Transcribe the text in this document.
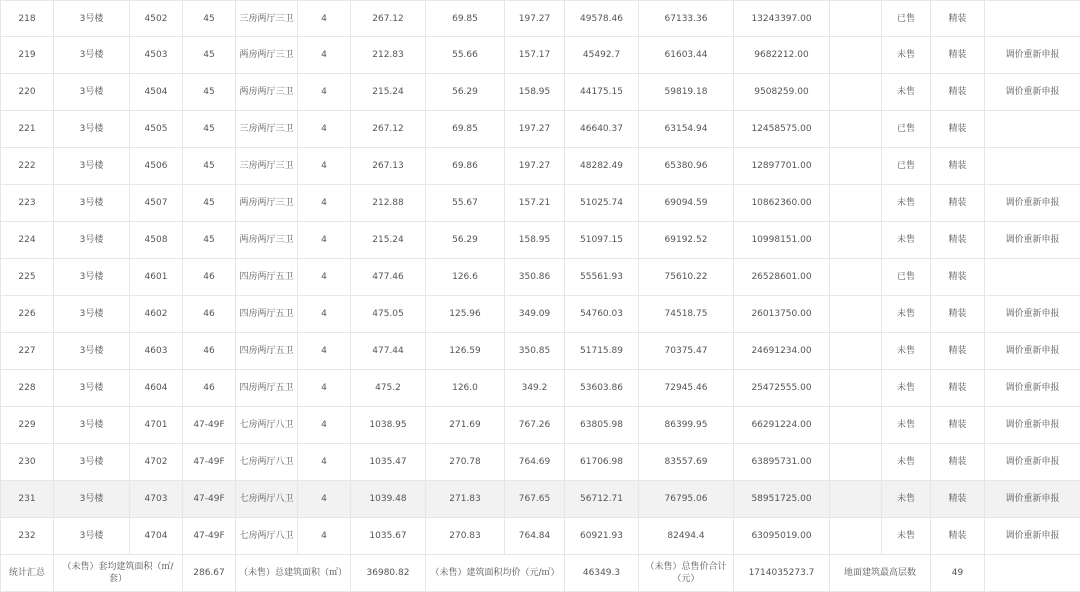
218	3号楼	4502	45	三房两厅三卫	4	267.12	69.85	197.27	49578.46	67133.36	13243397.00		已售	精装	
219	3号楼	4503	45	两房两厅三卫	4	212.83	55.66	157.17	45492.7	61603.44	9682212.00		未售	精装	调价重新申报
220	3号楼	4504	45	两房两厅三卫	4	215.24	56.29	158.95	44175.15	59819.18	9508259.00		未售	精装	调价重新申报
221	3号楼	4505	45	三房两厅三卫	4	267.12	69.85	197.27	46640.37	63154.94	12458575.00		已售	精装	
222	3号楼	4506	45	三房两厅三卫	4	267.13	69.86	197.27	48282.49	65380.96	12897701.00		已售	精装	
223	3号楼	4507	45	两房两厅三卫	4	212.88	55.67	157.21	51025.74	69094.59	10862360.00		未售	精装	调价重新申报
224	3号楼	4508	45	两房两厅三卫	4	215.24	56.29	158.95	51097.15	69192.52	10998151.00		未售	精装	调价重新申报
225	3号楼	4601	46	四房两厅五卫	4	477.46	126.6	350.86	55561.93	75610.22	26528601.00		已售	精装	
226	3号楼	4602	46	四房两厅五卫	4	475.05	125.96	349.09	54760.03	74518.75	26013750.00		未售	精装	调价重新申报
227	3号楼	4603	46	四房两厅五卫	4	477.44	126.59	350.85	51715.89	70375.47	24691234.00		未售	精装	调价重新申报
228	3号楼	4604	46	四房两厅五卫	4	475.2	126.0	349.2	53603.86	72945.46	25472555.00		未售	精装	调价重新申报
229	3号楼	4701	47-49F	七房两厅八卫	4	1038.95	271.69	767.26	63805.98	86399.95	66291224.00		未售	精装	调价重新申报
230	3号楼	4702	47-49F	七房两厅八卫	4	1035.47	270.78	764.69	61706.98	83557.69	63895731.00		未售	精装	调价重新申报
231	3号楼	4703	47-49F	七房两厅八卫	4	1039.48	271.83	767.65	56712.71	76795.06	58951725.00		未售	精装	调价重新申报
232	3号楼	4704	47-49F	七房两厅八卫	4	1035.67	270.83	764.84	60921.93	82494.4	63095019.00		未售	精装	调价重新申报
统计汇总	（未售）套均建筑面积（㎡/套）		286.67	（未售）总建筑面积（㎡）		36980.82	（未售）建筑面积均价（元/㎡）		46349.3	（未售）总售价合计（元）	1714035273.7	地面建筑最高层数		49	
